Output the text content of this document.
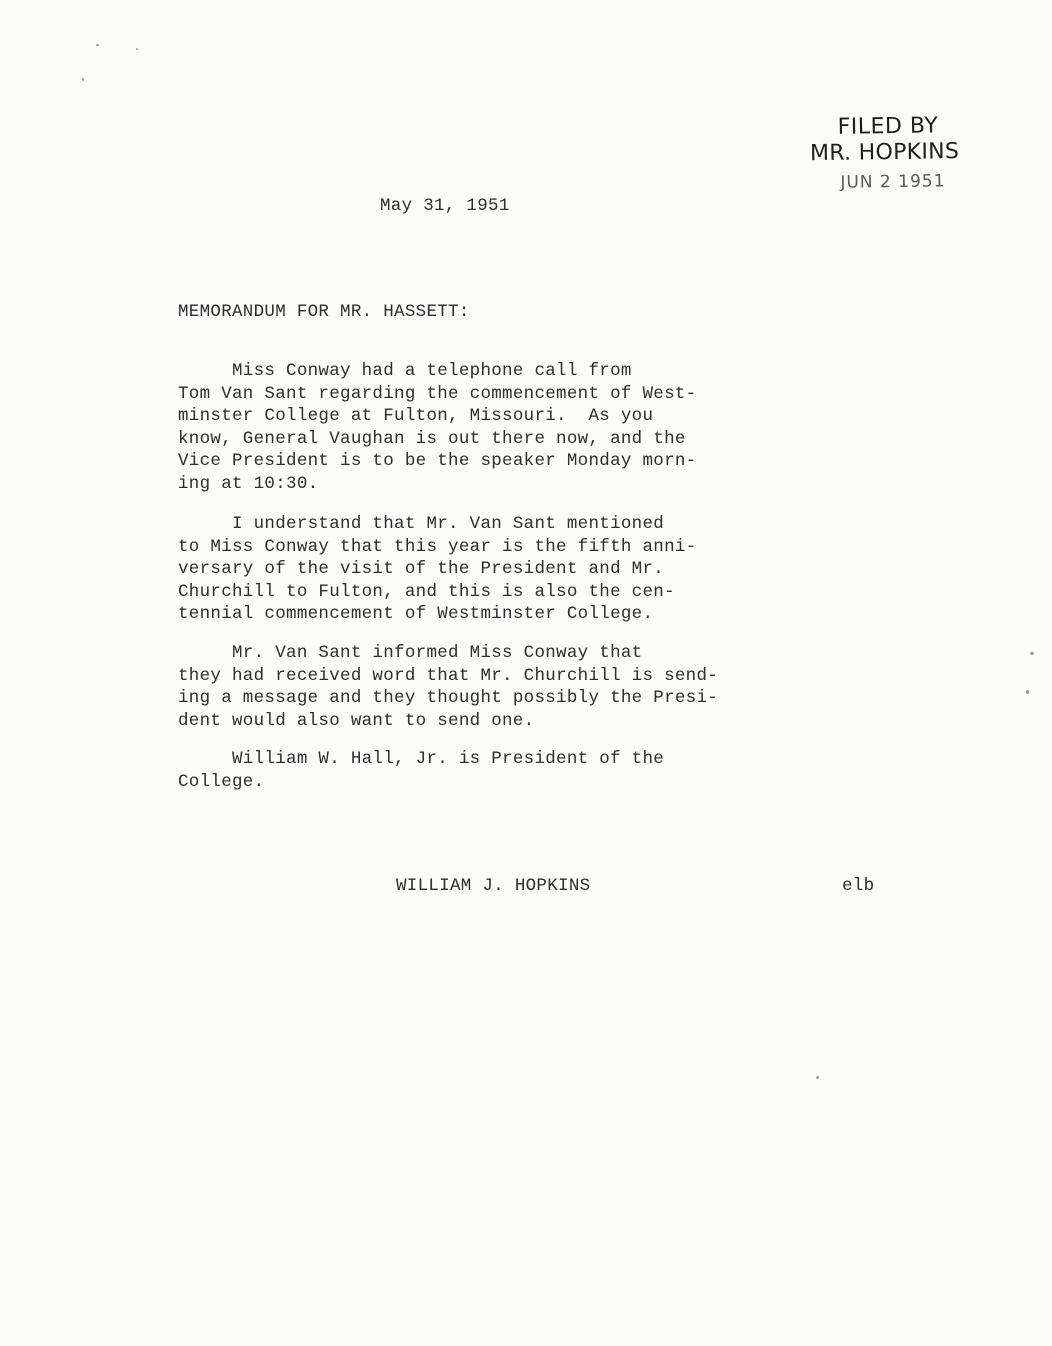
FILED BY
MR. HOPKINS
JUN 2 1951
May 31, 1951
MEMORANDUM FOR MR. HASSETT:
Miss Conway had a telephone call from
Tom Van Sant regarding the commencement of West-
minster College at Fulton, Missouri.  As you
know, General Vaughan is out there now, and the
Vice President is to be the speaker Monday morn-
ing at 10:30.
I understand that Mr. Van Sant mentioned
to Miss Conway that this year is the fifth anni-
versary of the visit of the President and Mr.
Churchill to Fulton, and this is also the cen-
tennial commencement of Westminster College.
Mr. Van Sant informed Miss Conway that
they had received word that Mr. Churchill is send-
ing a message and they thought possibly the Presi-
dent would also want to send one.
William W. Hall, Jr. is President of the
College.
WILLIAM J. HOPKINS	elb
